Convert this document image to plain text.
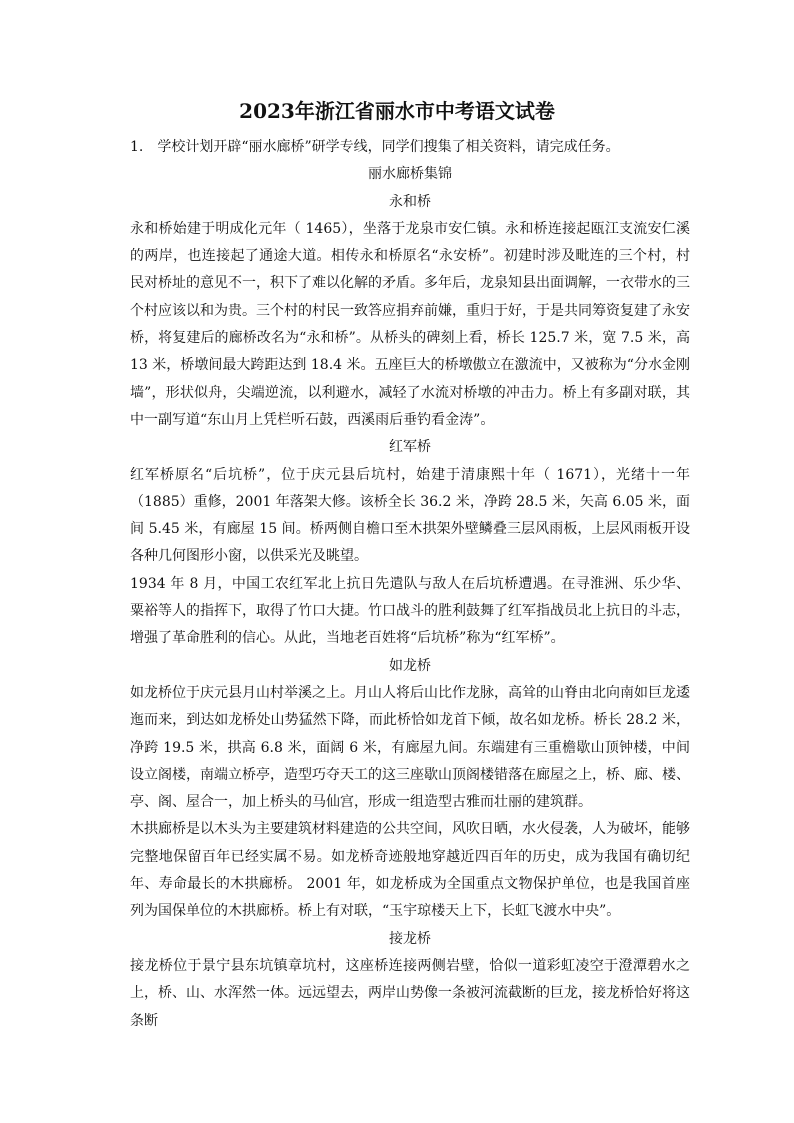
2023年浙江省丽水市中考语文试卷

1.　学校计划开辟“丽水廊桥”研学专线，同学们搜集了相关资料，请完成任务。

丽水廊桥集锦

永和桥

永和桥始建于明成化元年（ 1465），坐落于龙泉市安仁镇。永和桥连接起瓯江支流安仁溪的两岸，也连接起了通途大道。相传永和桥原名“永安桥”。初建时涉及毗连的三个村，村民对桥址的意见不一，积下了难以化解的矛盾。多年后，龙泉知县出面调解，一衣带水的三个村应该以和为贵。三个村的村民一致答应捐弃前嫌，重归于好，于是共同筹资复建了永安桥，将复建后的廊桥改名为“永和桥”。从桥头的碑刻上看，桥长 125.7 米，宽 7.5 米，高 13 米，桥墩间最大跨距达到 18.4 米。五座巨大的桥墩傲立在激流中，又被称为“分水金刚墙”，形状似舟，尖端逆流，以利避水，减轻了水流对桥墩的冲击力。桥上有多副对联，其中一副写道“东山月上凭栏听石鼓，西溪雨后垂钓看金涛”。

红军桥

红军桥原名“后坑桥”，位于庆元县后坑村，始建于清康熙十年（ 1671），光绪十一年（1885）重修，2001 年落架大修。该桥全长 36.2 米，净跨 28.5 米，矢高 6.05 米，面间 5.45 米，有廊屋 15 间。桥两侧自檐口至木拱架外壁鳞叠三层风雨板，上层风雨板开设各种几何图形小窗，以供采光及眺望。

1934 年 8 月，中国工农红军北上抗日先遣队与敌人在后坑桥遭遇。在寻淮洲、乐少华、粟裕等人的指挥下，取得了竹口大捷。竹口战斗的胜利鼓舞了红军指战员北上抗日的斗志，增强了革命胜利的信心。从此，当地老百姓将“后坑桥”称为“红军桥”。

如龙桥

如龙桥位于庆元县月山村举溪之上。月山人将后山比作龙脉，高耸的山脊由北向南如巨龙逶迤而来，到达如龙桥处山势猛然下降，而此桥恰如龙首下倾，故名如龙桥。桥长 28.2 米，净跨 19.5 米，拱高 6.8 米，面阔 6 米，有廊屋九间。东端建有三重檐歇山顶钟楼，中间设立阁楼，南端立桥亭，造型巧夺天工的这三座歇山顶阁楼错落在廊屋之上，桥、廊、楼、亭、阁、屋合一，加上桥头的马仙宫，形成一组造型古雅而壮丽的建筑群。

木拱廊桥是以木头为主要建筑材料建造的公共空间，风吹日晒，水火侵袭，人为破坏，能够完整地保留百年已经实属不易。如龙桥奇迹般地穿越近四百年的历史，成为我国有确切纪年、寿命最长的木拱廊桥。 2001 年，如龙桥成为全国重点文物保护单位，也是我国首座列为国保单位的木拱廊桥。桥上有对联，“玉宇琼楼天上下，长虹飞渡水中央”。

接龙桥

接龙桥位于景宁县东坑镇章坑村，这座桥连接两侧岩壁，恰似一道彩虹凌空于澄潭碧水之上，桥、山、水浑然一体。远远望去，两岸山势像一条被河流截断的巨龙，接龙桥恰好将这条断
